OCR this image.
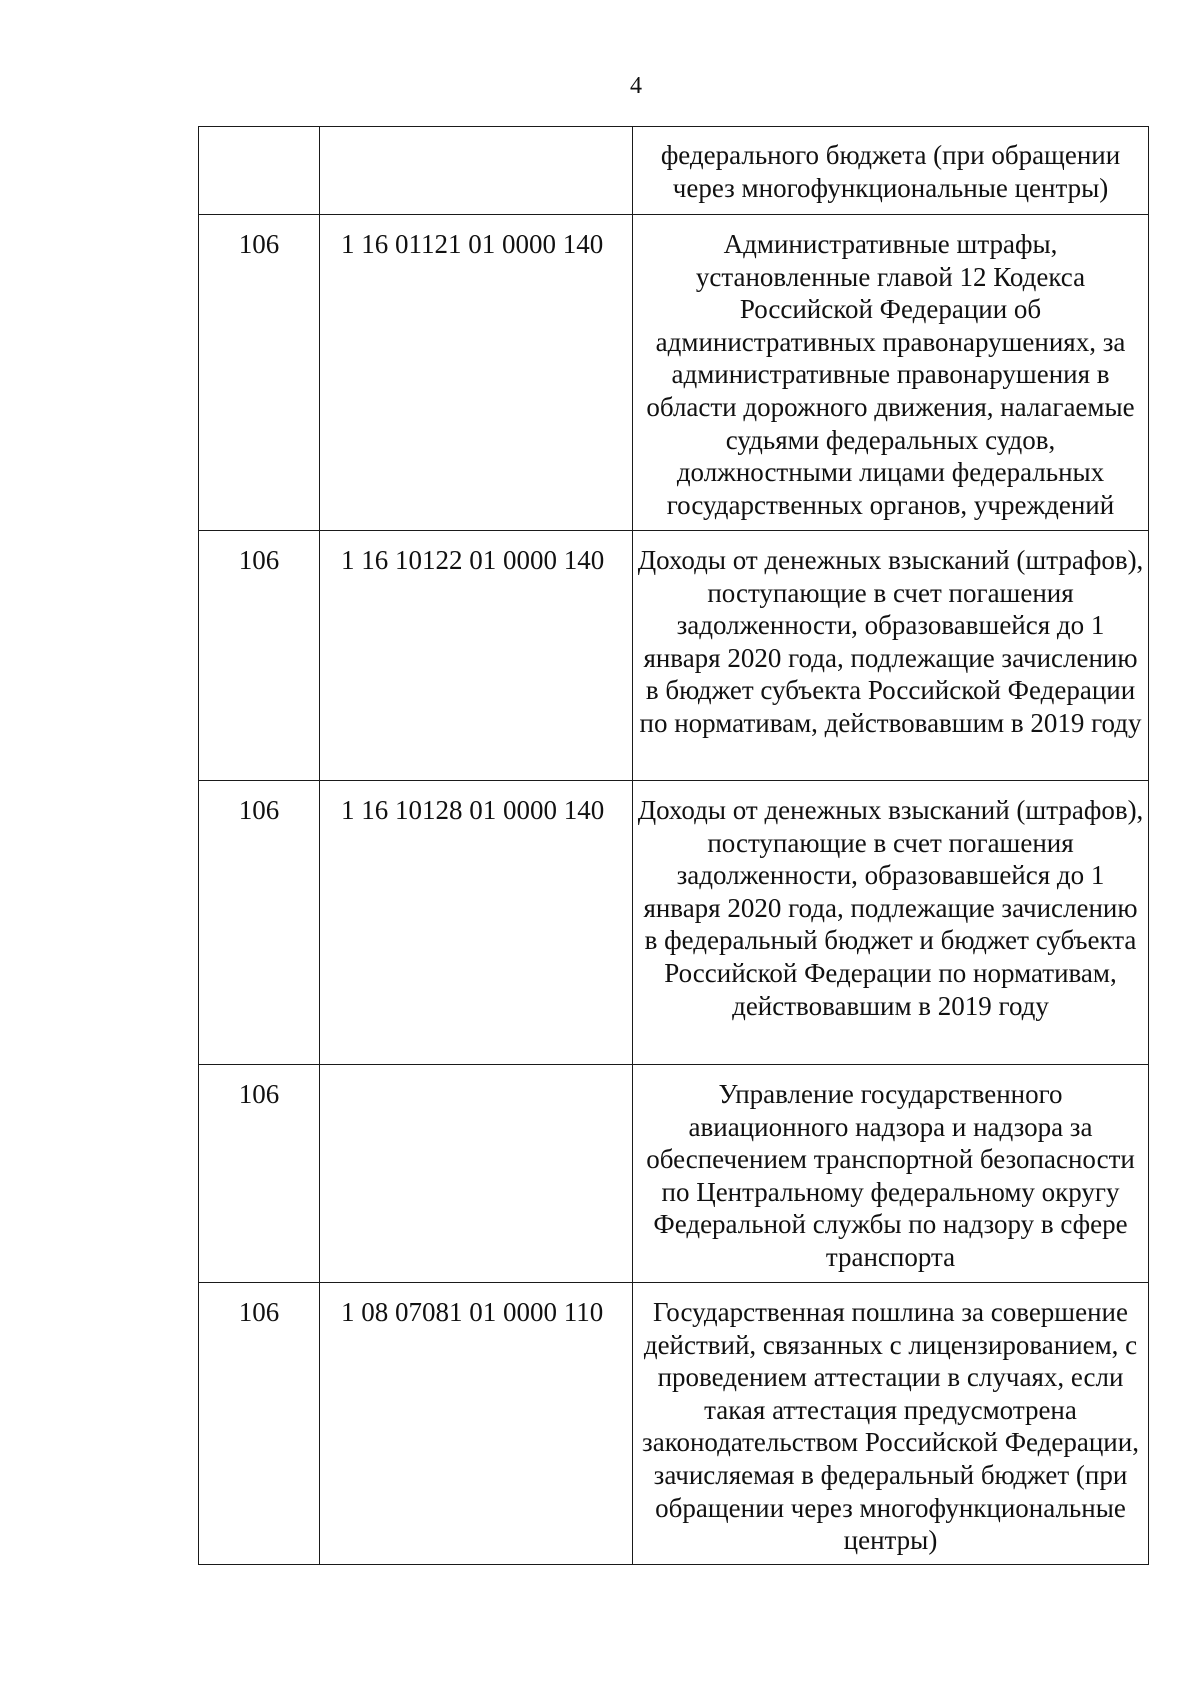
4
		федерального бюджета (при обращении через многофункциональные центры)
106	1 16 01121 01 0000 140	Административные штрафы, установленные главой 12 Кодекса Российской Федерации об административных правонарушениях, за административные правонарушения в области дорожного движения, налагаемые судьями федеральных судов, должностными лицами федеральных государственных органов, учреждений
106	1 16 10122 01 0000 140	Доходы от денежных взысканий (штрафов), поступающие в счет погашения задолженности, образовавшейся до 1 января 2020 года, подлежащие зачислению в бюджет субъекта Российской Федерации по нормативам, действовавшим в 2019 году
106	1 16 10128 01 0000 140	Доходы от денежных взысканий (штрафов), поступающие в счет погашения задолженности, образовавшейся до 1 января 2020 года, подлежащие зачислению в федеральный бюджет и бюджет субъекта Российской Федерации по нормативам, действовавшим в 2019 году
106		Управление государственного авиационного надзора и надзора за обеспечением транспортной безопасности по Центральному федеральному округу Федеральной службы по надзору в сфере транспорта
106	1 08 07081 01 0000 110	Государственная пошлина за совершение действий, связанных с лицензированием, с проведением аттестации в случаях, если такая аттестация предусмотрена законодательством Российской Федерации, зачисляемая в федеральный бюджет (при обращении через многофункциональные центры)
